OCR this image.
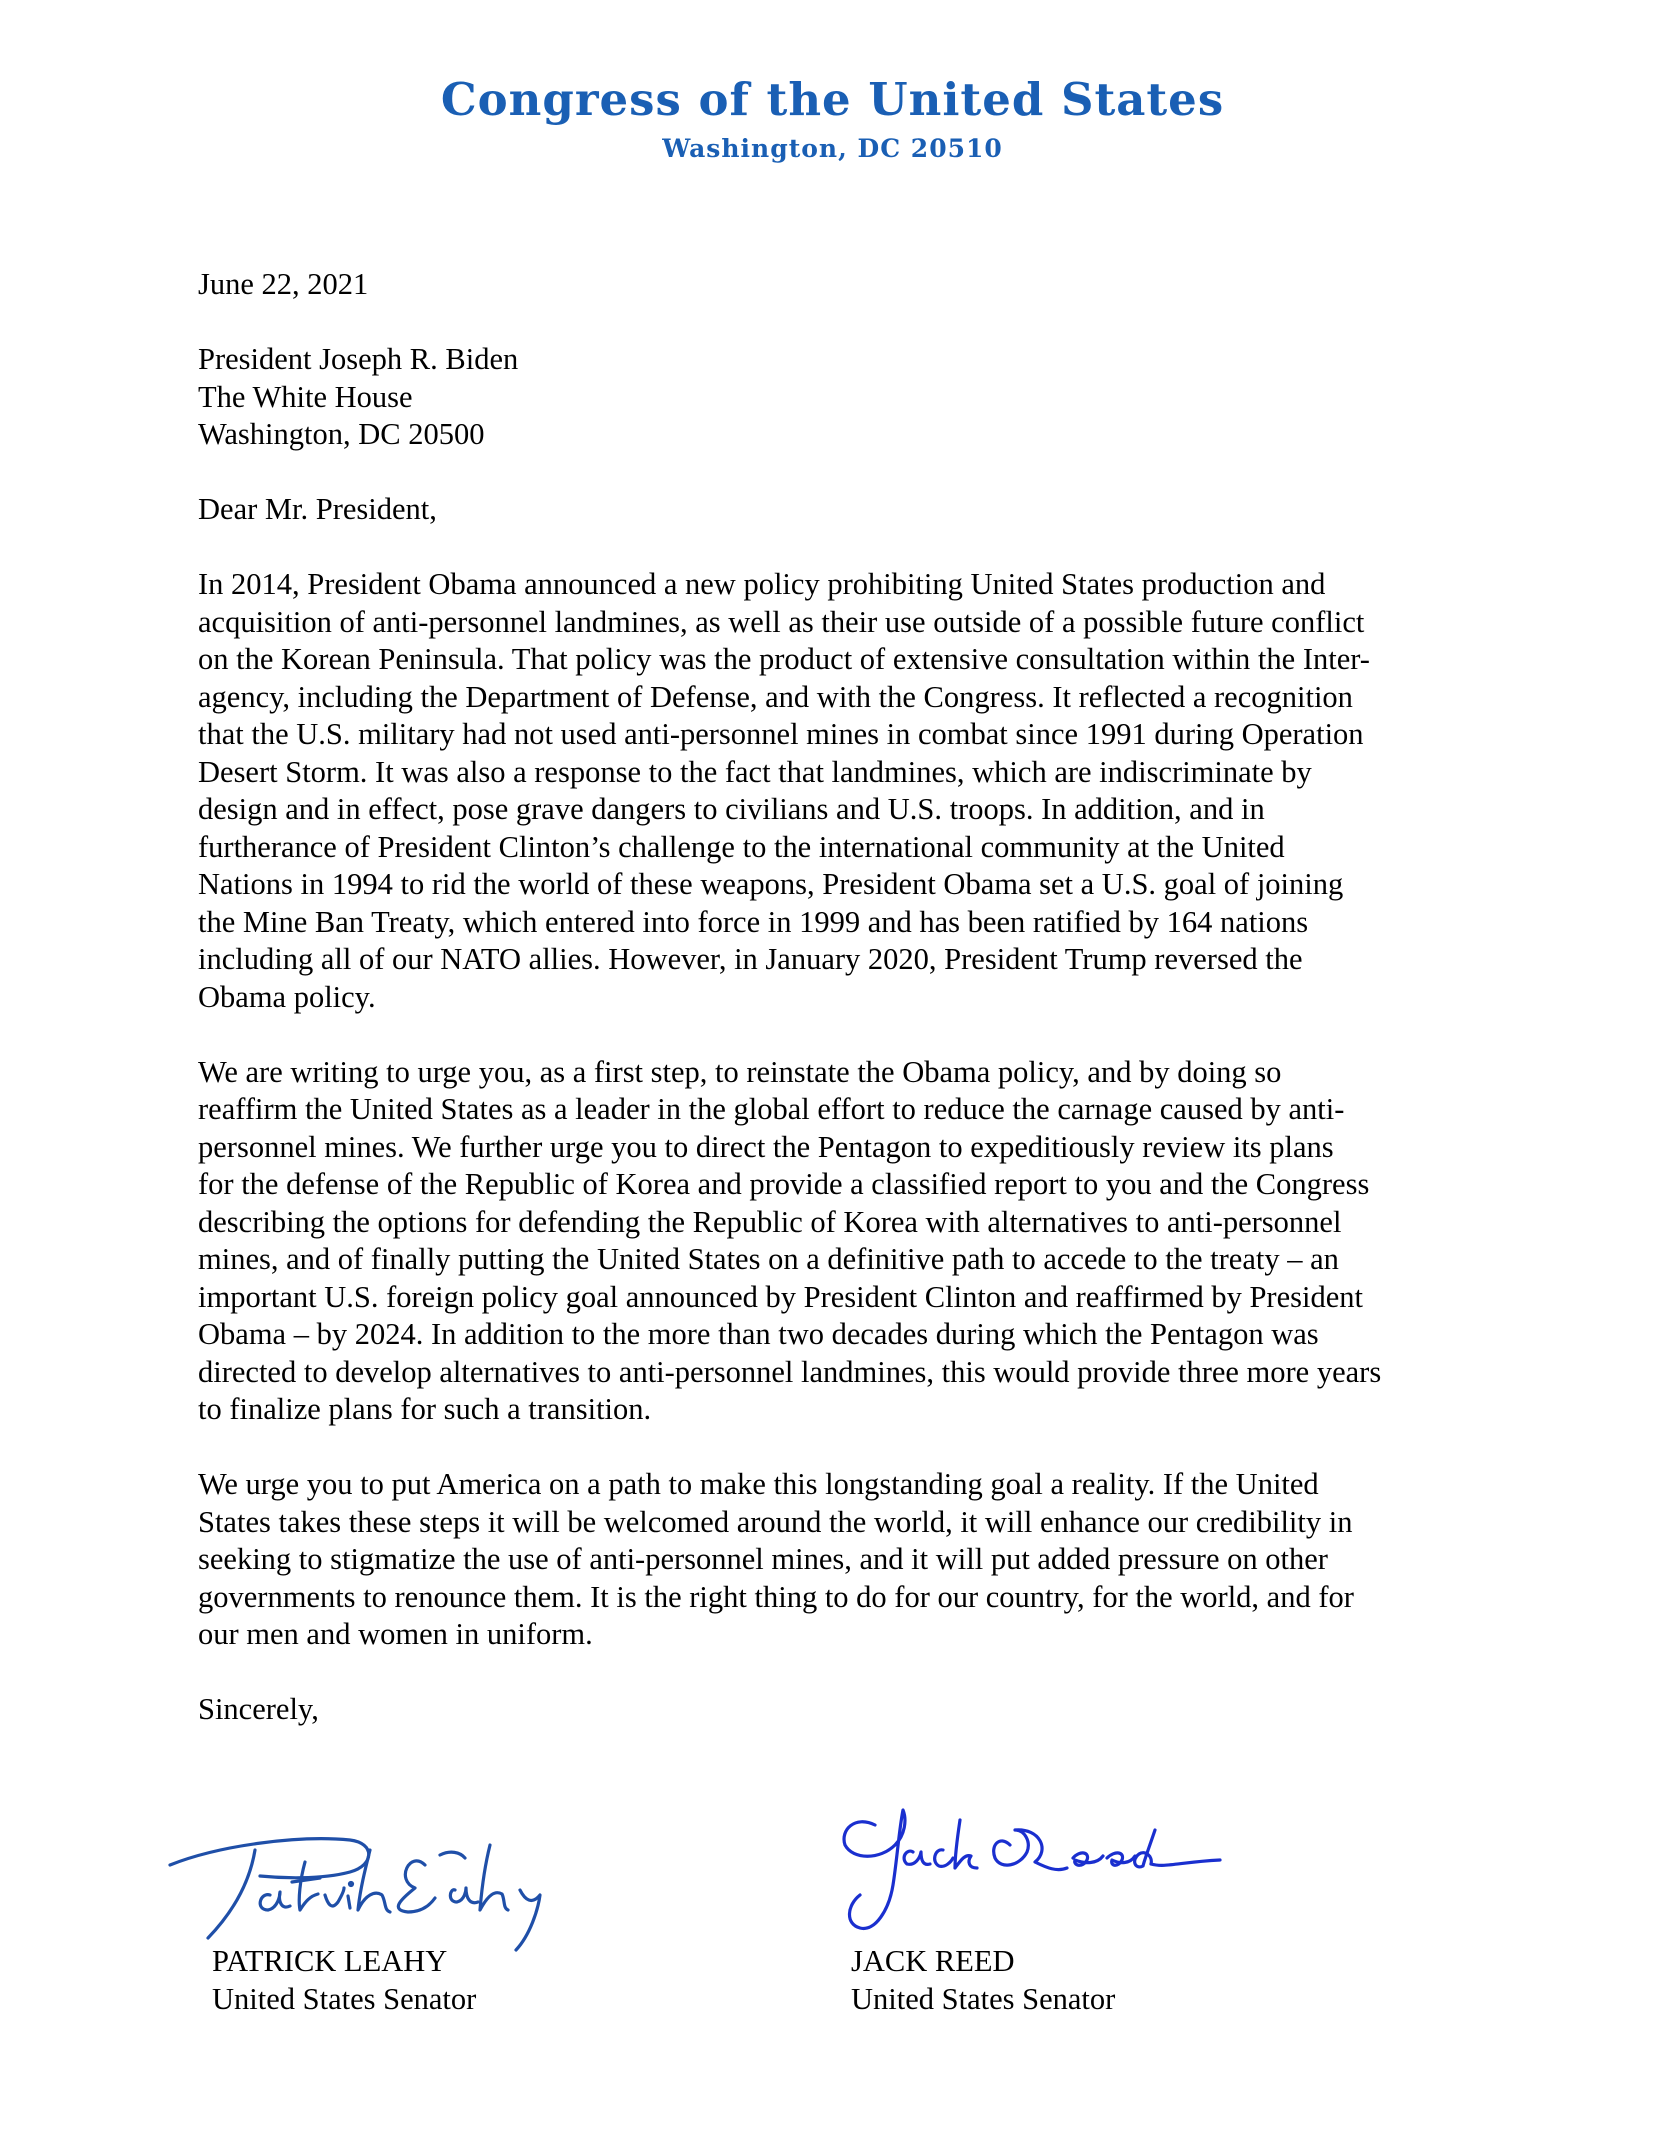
Congress of the United States
Washington, DC 20510

June 22, 2021

President Joseph R. Biden
The White House
Washington, DC 20500

Dear Mr. President,

In 2014, President Obama announced a new policy prohibiting United States production and
acquisition of anti-personnel landmines, as well as their use outside of a possible future conflict
on the Korean Peninsula. That policy was the product of extensive consultation within the Inter-
agency, including the Department of Defense, and with the Congress. It reflected a recognition
that the U.S. military had not used anti-personnel mines in combat since 1991 during Operation
Desert Storm. It was also a response to the fact that landmines, which are indiscriminate by
design and in effect, pose grave dangers to civilians and U.S. troops. In addition, and in
furtherance of President Clinton’s challenge to the international community at the United
Nations in 1994 to rid the world of these weapons, President Obama set a U.S. goal of joining
the Mine Ban Treaty, which entered into force in 1999 and has been ratified by 164 nations
including all of our NATO allies. However, in January 2020, President Trump reversed the
Obama policy.

We are writing to urge you, as a first step, to reinstate the Obama policy, and by doing so
reaffirm the United States as a leader in the global effort to reduce the carnage caused by anti-
personnel mines. We further urge you to direct the Pentagon to expeditiously review its plans
for the defense of the Republic of Korea and provide a classified report to you and the Congress
describing the options for defending the Republic of Korea with alternatives to anti-personnel
mines, and of finally putting the United States on a definitive path to accede to the treaty – an
important U.S. foreign policy goal announced by President Clinton and reaffirmed by President
Obama – by 2024. In addition to the more than two decades during which the Pentagon was
directed to develop alternatives to anti-personnel landmines, this would provide three more years
to finalize plans for such a transition.

We urge you to put America on a path to make this longstanding goal a reality. If the United
States takes these steps it will be welcomed around the world, it will enhance our credibility in
seeking to stigmatize the use of anti-personnel mines, and it will put added pressure on other
governments to renounce them. It is the right thing to do for our country, for the world, and for
our men and women in uniform.

Sincerely,

PATRICK LEAHY
United States Senator
JACK REED
United States Senator
